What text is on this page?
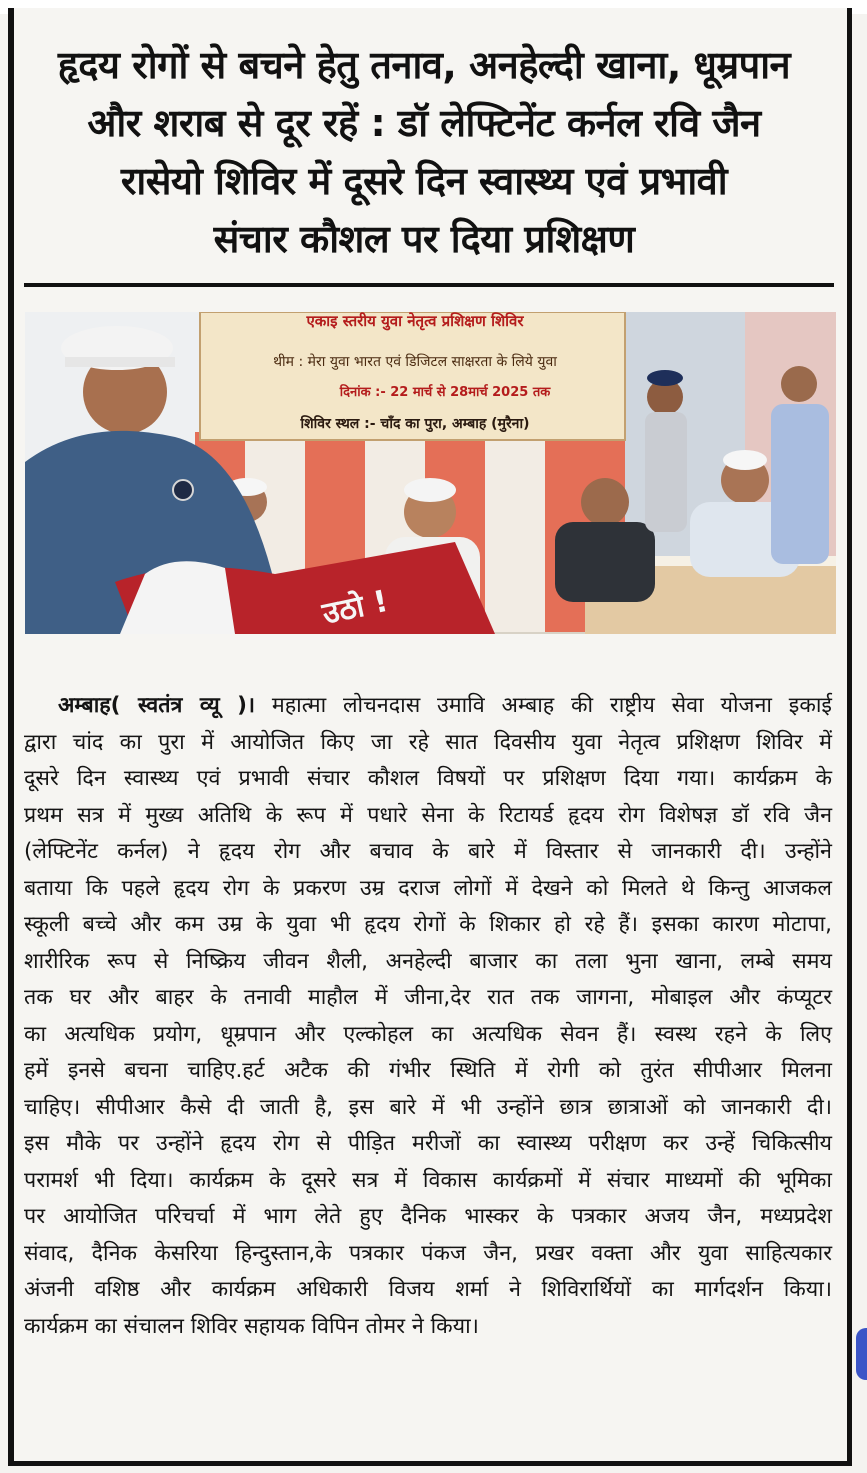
हृदय रोगों से बचने हेतु तनाव, अनहेल्दी खाना, धूम्रपान
और शराब से दूर रहें : डॉ लेफ्टिनेंट कर्नल रवि जैन
रासेयो शिविर में दूसरे दिन स्वास्थ्य एवं प्रभावी
संचार कौशल पर दिया प्रशिक्षण
एकाइ स्तरीय युवा नेतृत्व प्रशिक्षण शिविर
थीम : मेरा युवा भारत एवं डिजिटल साक्षरता के लिये युवा
दिनांक :- 22 मार्च से 28मार्च 2025 तक
शिविर स्थल :- चाँद का पुरा, अम्बाह (मुरैना)
उठो !
अम्बाह( स्वतंत्र व्यू )। महात्मा लोचनदास उमावि अम्बाह की राष्ट्रीय सेवा योजना इकाई
द्वारा चांद का पुरा में आयोजित किए जा रहे सात दिवसीय युवा नेतृत्व प्रशिक्षण शिविर में
दूसरे दिन स्वास्थ्य एवं प्रभावी संचार कौशल विषयों पर प्रशिक्षण दिया गया। कार्यक्रम के
प्रथम सत्र में मुख्य अतिथि के रूप में पधारे सेना के रिटायर्ड हृदय रोग विशेषज्ञ डॉ रवि जैन
(लेफ्टिनेंट कर्नल) ने हृदय रोग और बचाव के बारे में विस्तार से जानकारी दी। उन्होंने
बताया कि पहले हृदय रोग के प्रकरण उम्र दराज लोगों में देखने को मिलते थे किन्तु आजकल
स्कूली बच्चे और कम उम्र के युवा भी हृदय रोगों के शिकार हो रहे हैं। इसका कारण मोटापा,
शारीरिक रूप से निष्क्रिय जीवन शैली, अनहेल्दी बाजार का तला भुना खाना, लम्बे समय
तक घर और बाहर के तनावी माहौल में जीना,देर रात तक जागना, मोबाइल और कंप्यूटर
का अत्यधिक प्रयोग, धूम्रपान और एल्कोहल का अत्यधिक सेवन हैं। स्वस्थ रहने के लिए
हमें इनसे बचना चाहिए.हर्ट अटैक की गंभीर स्थिति में रोगी को तुरंत सीपीआर मिलना
चाहिए। सीपीआर कैसे दी जाती है, इस बारे में भी उन्होंने छात्र छात्राओं को जानकारी दी।
इस मौके पर उन्होंने हृदय रोग से पीड़ित मरीजों का स्वास्थ्य परीक्षण कर उन्हें चिकित्सीय
परामर्श भी दिया। कार्यक्रम के दूसरे सत्र में विकास कार्यक्रमों में संचार माध्यमों की भूमिका
पर आयोजित परिचर्चा में भाग लेते हुए दैनिक भास्कर के पत्रकार अजय जैन, मध्यप्रदेश
संवाद, दैनिक केसरिया हिन्दुस्तान,के पत्रकार पंकज जैन, प्रखर वक्ता और युवा साहित्यकार
अंजनी वशिष्ठ और कार्यक्रम अधिकारी विजय शर्मा ने शिविरार्थियों का मार्गदर्शन किया।
कार्यक्रम का संचालन शिविर सहायक विपिन तोमर ने किया।
